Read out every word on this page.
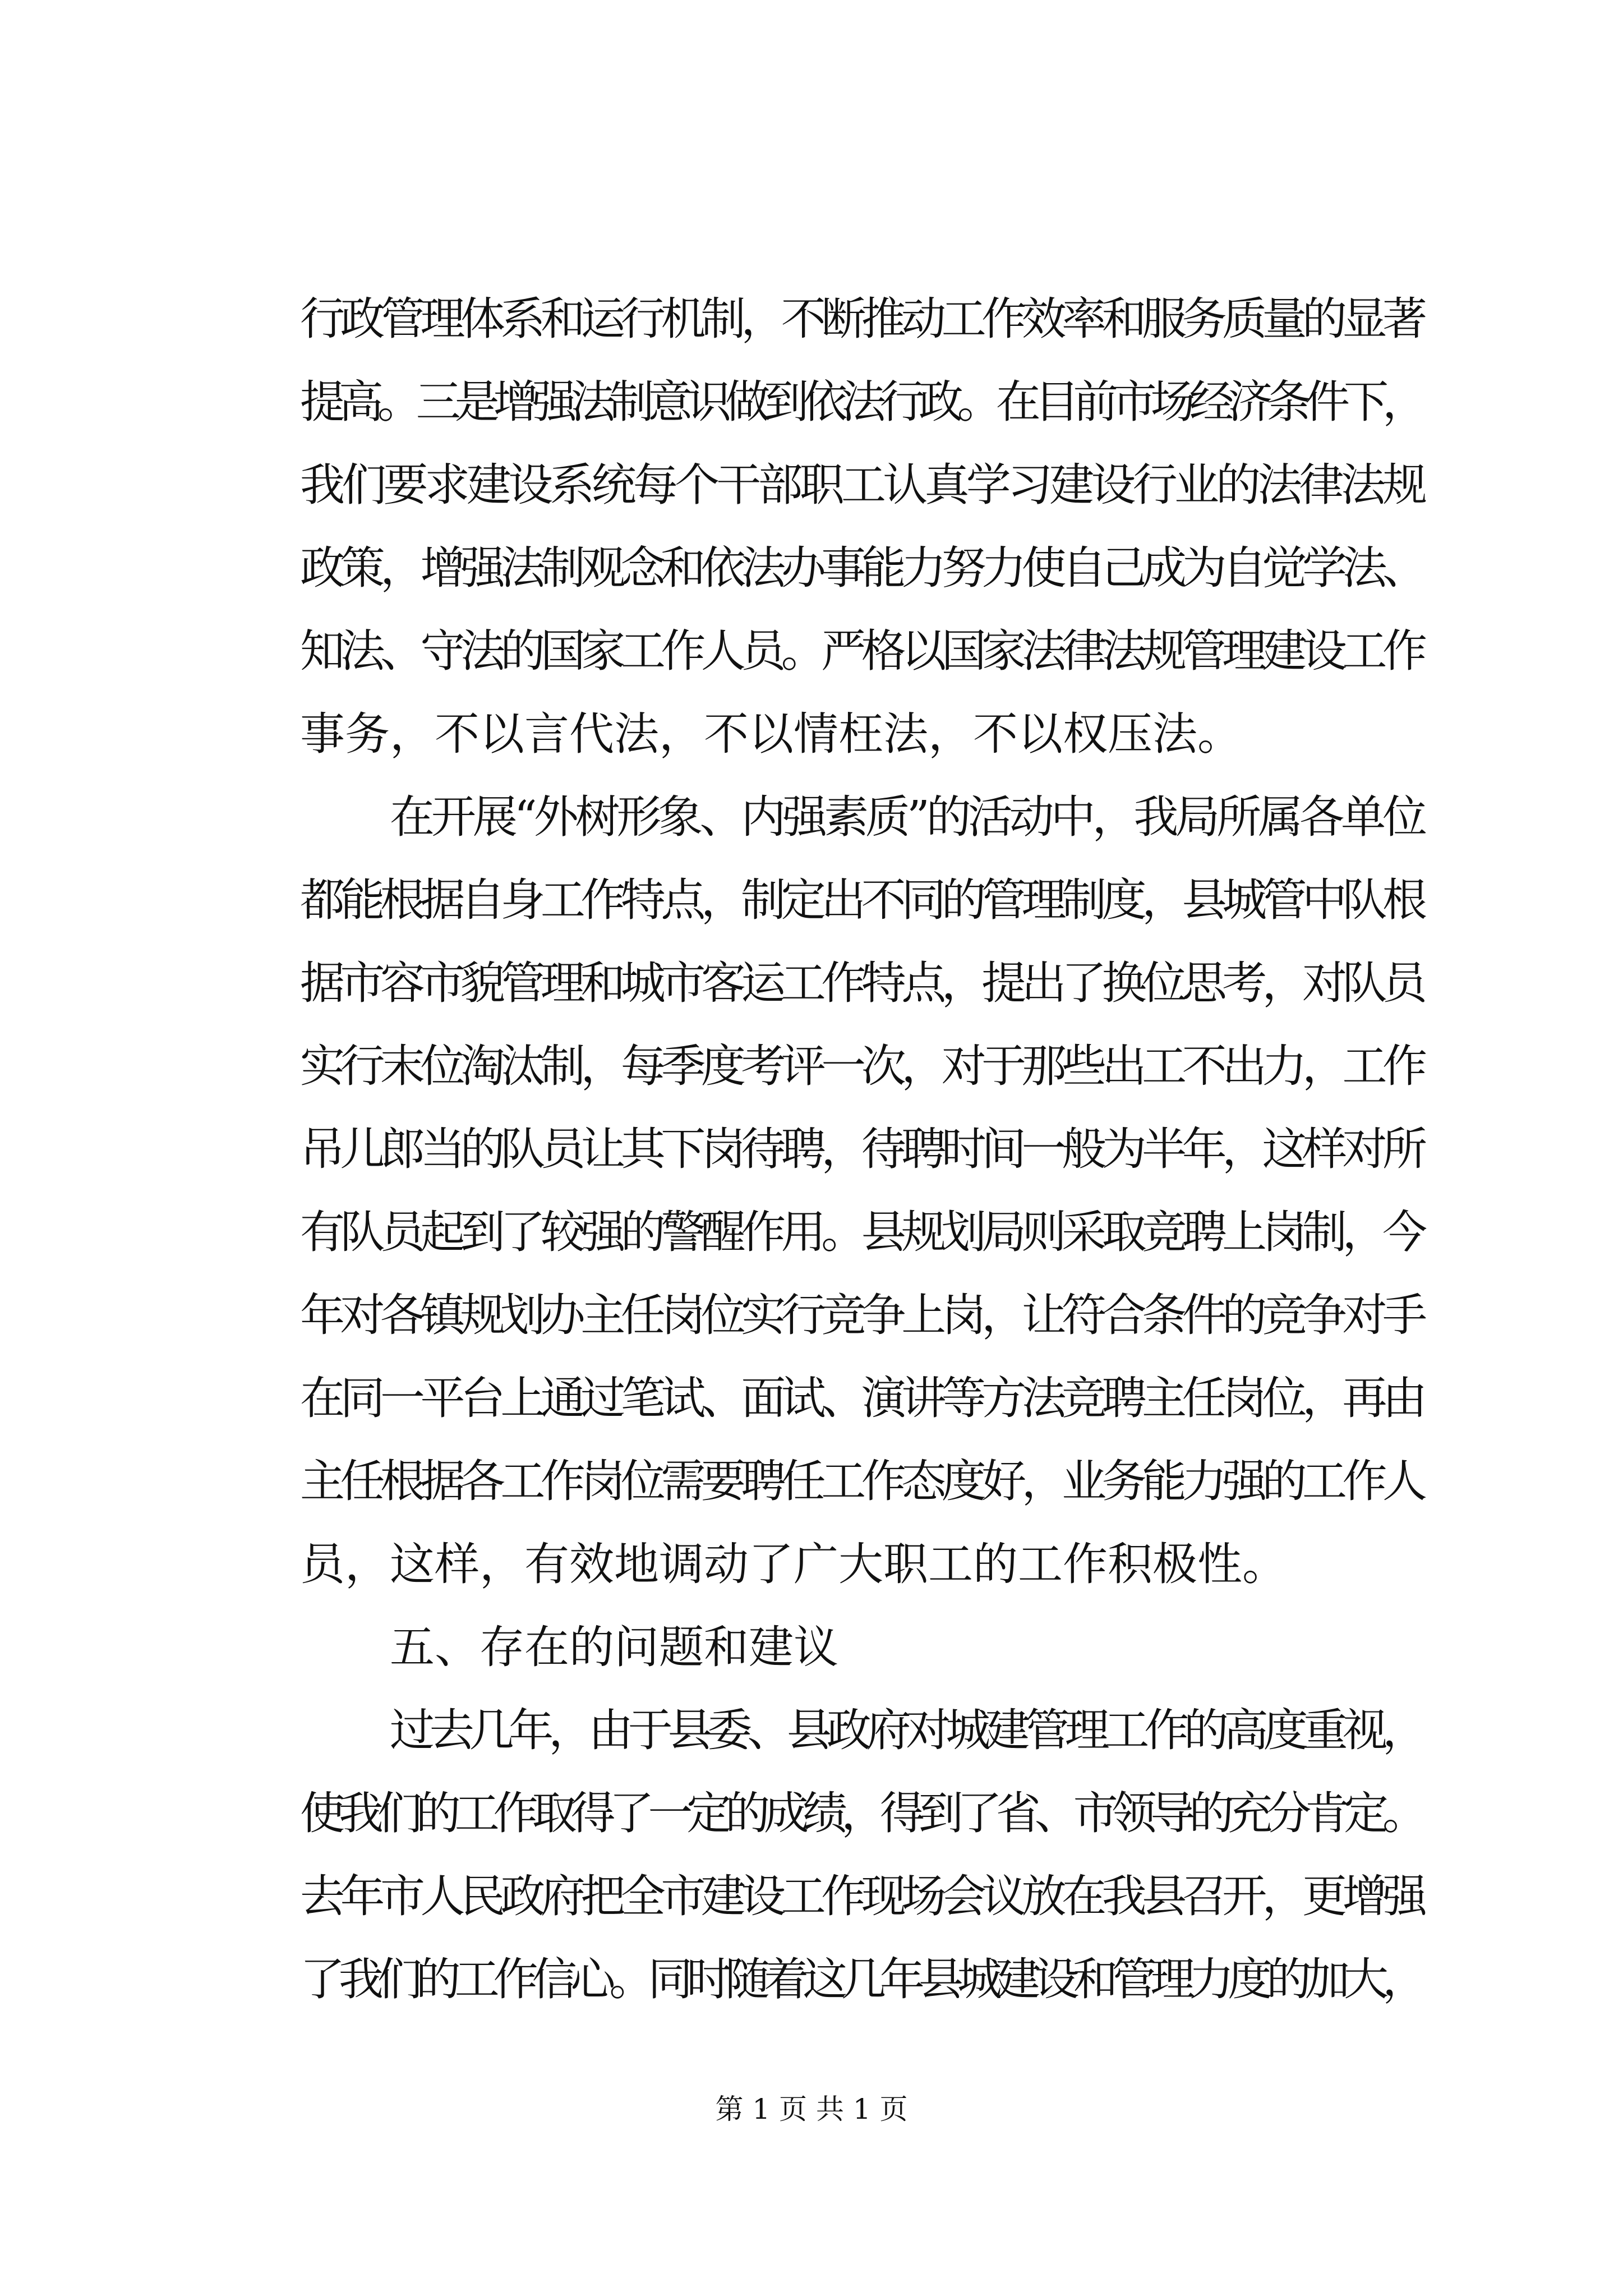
行政管理体系和运行机制，不断推动工作效率和服务质量的显著
提高。三是增强法制意识做到依法行政。在目前市场经济条件下，
我们要求建设系统每个干部职工认真学习建设行业的法律法规
政策，增强法制观念和依法办事能力努力使自己成为自觉学法、
知法、守法的国家工作人员。严格以国家法律法规管理建设工作
事务，不以言代法，不以情枉法，不以权压法。
在开展“外树形象、内强素质”的活动中，我局所属各单位
都能根据自身工作特点，制定出不同的管理制度，县城管中队根
据市容市貌管理和城市客运工作特点，提出了换位思考，对队员
实行末位淘汰制，每季度考评一次，对于那些出工不出力，工作
吊儿郎当的队员让其下岗待聘，待聘时间一般为半年，这样对所
有队员起到了较强的警醒作用。县规划局则采取竞聘上岗制，今
年对各镇规划办主任岗位实行竞争上岗，让符合条件的竞争对手
在同一平台上通过笔试、面试、演讲等方法竞聘主任岗位，再由
主任根据各工作岗位需要聘任工作态度好，业务能力强的工作人
员，这样，有效地调动了广大职工的工作积极性。
五、存在的问题和建议
过去几年，由于县委、县政府对城建管理工作的高度重视，
使我们的工作取得了一定的成绩，得到了省、市领导的充分肯定。
去年市人民政府把全市建设工作现场会议放在我县召开，更增强
了我们的工作信心。同时随着这几年县城建设和管理力度的加大，
第 1 页 共 1 页
